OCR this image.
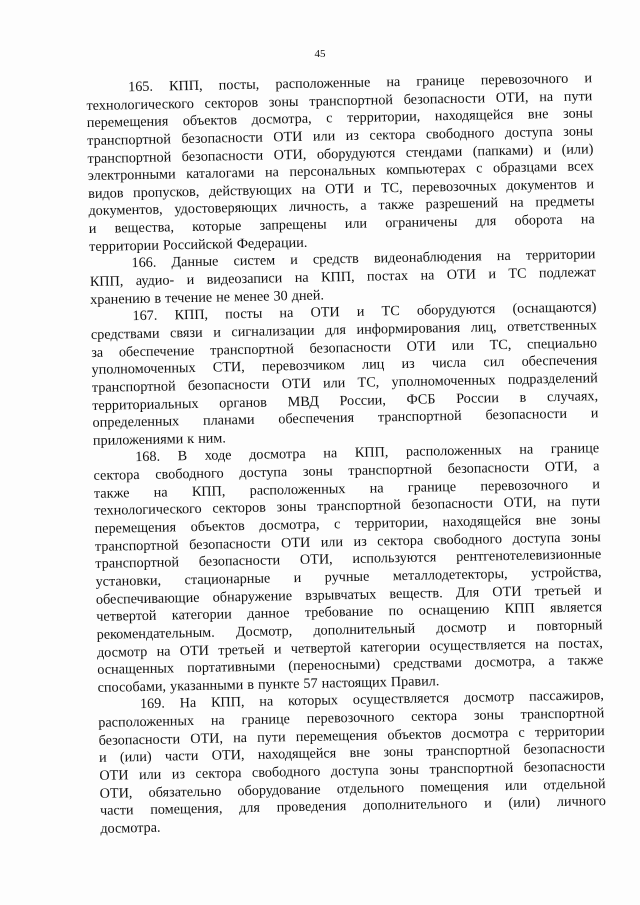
45
165. КПП, посты, расположенные на границе перевозочного и
технологического секторов зоны транспортной безопасности ОТИ, на пути
перемещения объектов досмотра, с территории, находящейся вне зоны
транспортной безопасности ОТИ или из сектора свободного доступа зоны
транспортной безопасности ОТИ, оборудуются стендами (папками) и (или)
электронными каталогами на персональных компьютерах с образцами всех
видов пропусков, действующих на ОТИ и ТС, перевозочных документов и
документов, удостоверяющих личность, а также разрешений на предметы
и вещества, которые запрещены или ограничены для оборота на
территории Российской Федерации.
166. Данные систем и средств видеонаблюдения на территории
КПП, аудио- и видеозаписи на КПП, постах на ОТИ и ТС подлежат
хранению в течение не менее 30 дней.
167. КПП, посты на ОТИ и ТС оборудуются (оснащаются)
средствами связи и сигнализации для информирования лиц, ответственных
за обеспечение транспортной безопасности ОТИ или ТС, специально
уполномоченных СТИ, перевозчиком лиц из числа сил обеспечения
транспортной безопасности ОТИ или ТС, уполномоченных подразделений
территориальных органов МВД России, ФСБ России в случаях,
определенных планами обеспечения транспортной безопасности и
приложениями к ним.
168. В ходе досмотра на КПП, расположенных на границе
сектора свободного доступа зоны транспортной безопасности ОТИ, а
также на КПП, расположенных на границе перевозочного и
технологического секторов зоны транспортной безопасности ОТИ, на пути
перемещения объектов досмотра, с территории, находящейся вне зоны
транспортной безопасности ОТИ или из сектора свободного доступа зоны
транспортной безопасности ОТИ, используются рентгенотелевизионные
установки, стационарные и ручные металлодетекторы, устройства,
обеспечивающие обнаружение взрывчатых веществ. Для ОТИ третьей и
четвертой категории данное требование по оснащению КПП является
рекомендательным. Досмотр, дополнительный досмотр и повторный
досмотр на ОТИ третьей и четвертой категории осуществляется на постах,
оснащенных портативными (переносными) средствами досмотра, а также
способами, указанными в пункте 57 настоящих Правил.
169. На КПП, на которых осуществляется досмотр пассажиров,
расположенных на границе перевозочного сектора зоны транспортной
безопасности ОТИ, на пути перемещения объектов досмотра с территории
и (или) части ОТИ, находящейся вне зоны транспортной безопасности
ОТИ или из сектора свободного доступа зоны транспортной безопасности
ОТИ, обязательно оборудование отдельного помещения или отдельной
части помещения, для проведения дополнительного и (или) личного
досмотра.
